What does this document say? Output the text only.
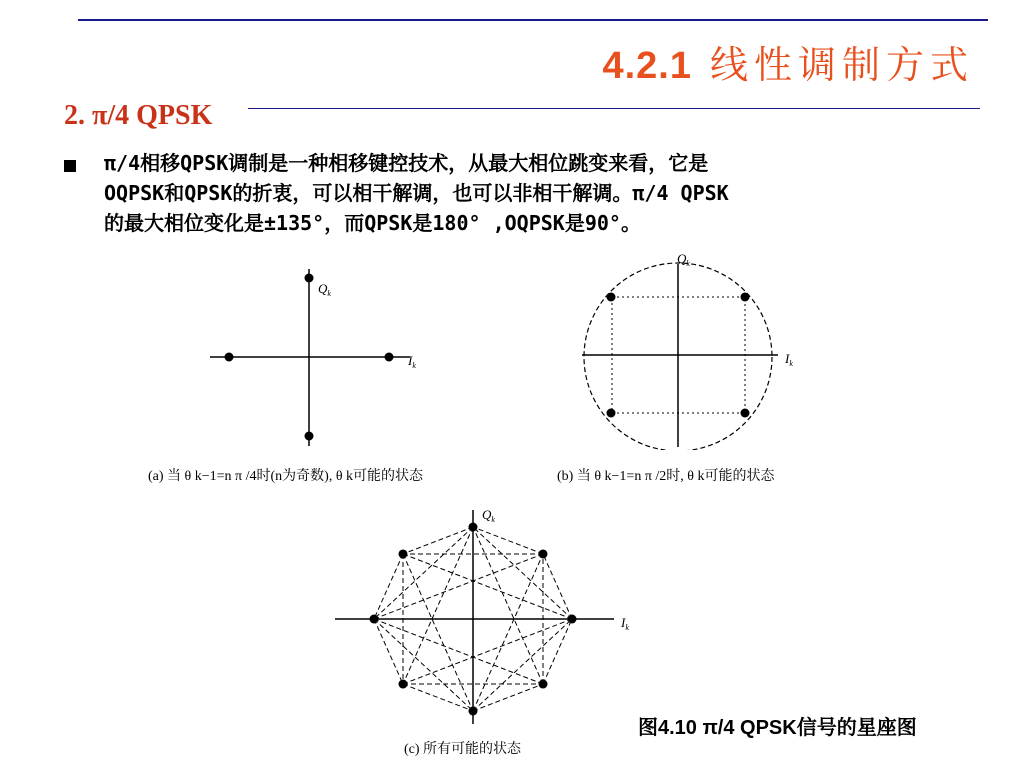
4.2.1 线性调制方式
2. π/4 QPSK
π/4相移QPSK调制是一种相移键控技术，从最大相位跳变来看，它是
OQPSK和QPSK的折衷，可以相干解调，也可以非相干解调。π/4 QPSK
的最大相位变化是±135°，而QPSK是180° ,OQPSK是90°。
$Q_k$
$I_k$
(a) 当 θ k−1=n π /4时(n为奇数), θ k可能的状态
$Q_k$
$I_k$
(b) 当 θ k−1=n π /2时, θ k可能的状态
$Q_k$
$I_k$
(c) 所有可能的状态
图4.10 π/4 QPSK信号的星座图
